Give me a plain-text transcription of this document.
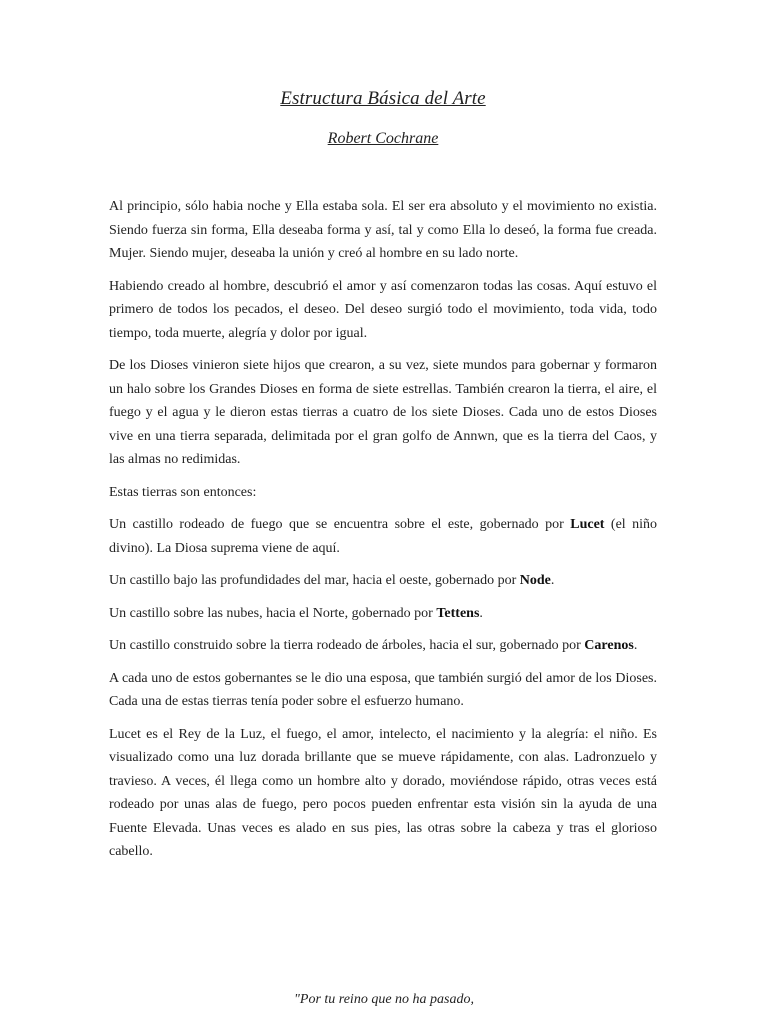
Estructura Básica del Arte
Robert Cochrane

Al principio, sólo habia noche y Ella estaba sola. El ser era absoluto y el movimiento no existia. Siendo fuerza sin forma, Ella deseaba forma y así, tal y como Ella lo deseó, la forma fue creada. Mujer. Siendo mujer, deseaba la unión y creó al hombre en su lado norte.

Habiendo creado al hombre, descubrió el amor y así comenzaron todas las cosas. Aquí estuvo el primero de todos los pecados, el deseo. Del deseo surgió todo el movimiento, toda vida, todo tiempo, toda muerte, alegría y dolor por igual.

De los Dioses vinieron siete hijos que crearon, a su vez, siete mundos para gobernar y formaron un halo sobre los Grandes Dioses en forma de siete estrellas. También crearon la tierra, el aire, el fuego y el agua y le dieron estas tierras a cuatro de los siete Dioses. Cada uno de estos Dioses vive en una tierra separada, delimitada por el gran golfo de Annwn, que es la tierra del Caos, y las almas no redimidas.

Estas tierras son entonces:

Un castillo rodeado de fuego que se encuentra sobre el este, gobernado por Lucet (el niño divino). La Diosa suprema viene de aquí.

Un castillo bajo las profundidades del mar, hacia el oeste, gobernado por Node.

Un castillo sobre las nubes, hacia el Norte, gobernado por Tettens.

Un castillo construido sobre la tierra rodeado de árboles, hacia el sur, gobernado por Carenos.

A cada uno de estos gobernantes se le dio una esposa, que también surgió del amor de los Dioses. Cada una de estas tierras tenía poder sobre el esfuerzo humano.

Lucet es el Rey de la Luz, el fuego, el amor, intelecto, el nacimiento y la alegría: el niño. Es visualizado como una luz dorada brillante que se mueve rápidamente, con alas. Ladronzuelo y travieso. A veces, él llega como un hombre alto y dorado, moviéndose rápido, otras veces está rodeado por unas alas de fuego, pero pocos pueden enfrentar esta visión sin la ayuda de una Fuente Elevada. Unas veces es alado en sus pies, las otras sobre la cabeza y tras el glorioso cabello.

"Por tu reino que no ha pasado,
